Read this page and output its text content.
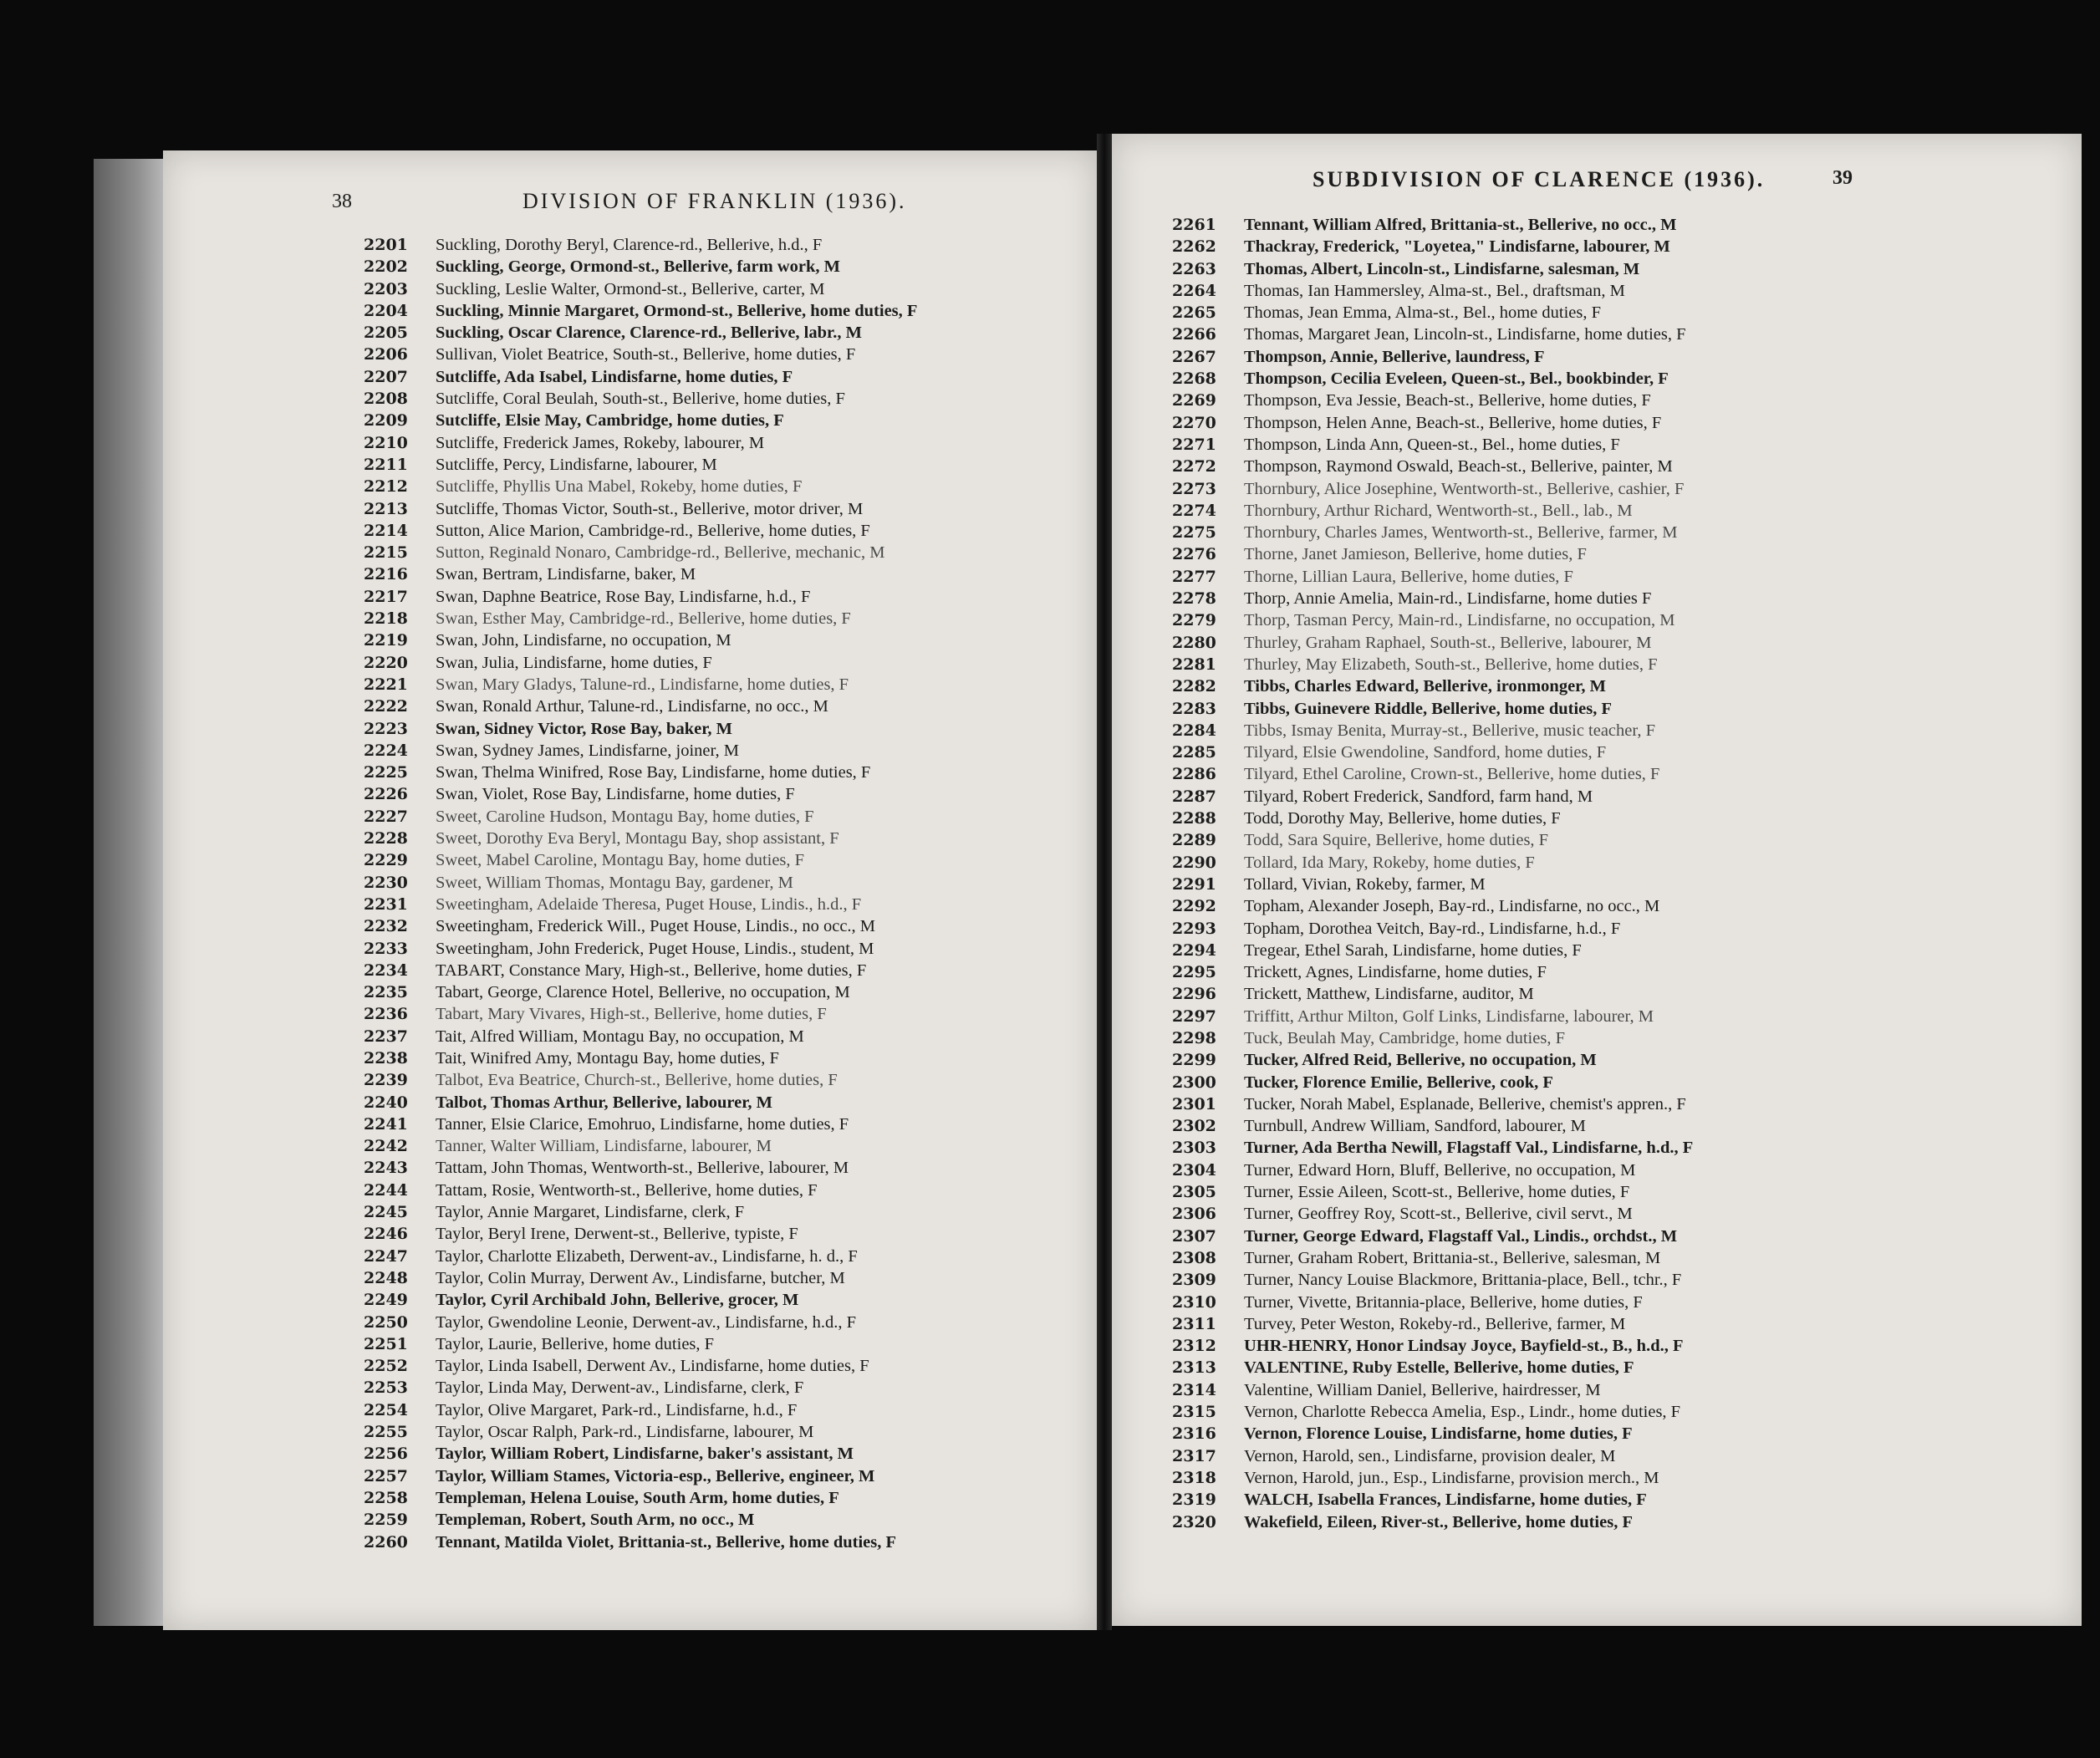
38	DIVISION OF FRANKLIN (1936).
2201 Suckling, Dorothy Beryl, Clarence-rd., Bellerive, h.d., F
2202 Suckling, George, Ormond-st., Bellerive, farm work, M
2203 Suckling, Leslie Walter, Ormond-st., Bellerive, carter, M
2204 Suckling, Minnie Margaret, Ormond-st., Bellerive, home duties, F
2205 Suckling, Oscar Clarence, Clarence-rd., Bellerive, labr., M
2206 Sullivan, Violet Beatrice, South-st., Bellerive, home duties, F
2207 Sutcliffe, Ada Isabel, Lindisfarne, home duties, F
2208 Sutcliffe, Coral Beulah, South-st., Bellerive, home duties, F
2209 Sutcliffe, Elsie May, Cambridge, home duties, F
2210 Sutcliffe, Frederick James, Rokeby, labourer, M
2211 Sutcliffe, Percy, Lindisfarne, labourer, M
2212 Sutcliffe, Phyllis Una Mabel, Rokeby, home duties, F
2213 Sutcliffe, Thomas Victor, South-st., Bellerive, motor driver, M
2214 Sutton, Alice Marion, Cambridge-rd., Bellerive, home duties, F
2215 Sutton, Reginald Nonaro, Cambridge-rd., Bellerive, mechanic, M
2216 Swan, Bertram, Lindisfarne, baker, M
2217 Swan, Daphne Beatrice, Rose Bay, Lindisfarne, h.d., F
2218 Swan, Esther May, Cambridge-rd., Bellerive, home duties, F
2219 Swan, John, Lindisfarne, no occupation, M
2220 Swan, Julia, Lindisfarne, home duties, F
2221 Swan, Mary Gladys, Talune-rd., Lindisfarne, home duties, F
2222 Swan, Ronald Arthur, Talune-rd., Lindisfarne, no occ., M
2223 Swan, Sidney Victor, Rose Bay, baker, M
2224 Swan, Sydney James, Lindisfarne, joiner, M
2225 Swan, Thelma Winifred, Rose Bay, Lindisfarne, home duties, F
2226 Swan, Violet, Rose Bay, Lindisfarne, home duties, F
2227 Sweet, Caroline Hudson, Montagu Bay, home duties, F
2228 Sweet, Dorothy Eva Beryl, Montagu Bay, shop assistant, F
2229 Sweet, Mabel Caroline, Montagu Bay, home duties, F
2230 Sweet, William Thomas, Montagu Bay, gardener, M
2231 Sweetingham, Adelaide Theresa, Puget House, Lindis., h.d., F
2232 Sweetingham, Frederick Will., Puget House, Lindis., no occ., M
2233 Sweetingham, John Frederick, Puget House, Lindis., student, M
2234 TABART, Constance Mary, High-st., Bellerive, home duties, F
2235 Tabart, George, Clarence Hotel, Bellerive, no occupation, M
2236 Tabart, Mary Vivares, High-st., Bellerive, home duties, F
2237 Tait, Alfred William, Montagu Bay, no occupation, M
2238 Tait, Winifred Amy, Montagu Bay, home duties, F
2239 Talbot, Eva Beatrice, Church-st., Bellerive, home duties, F
2240 Talbot, Thomas Arthur, Bellerive, labourer, M
2241 Tanner, Elsie Clarice, Emohruo, Lindisfarne, home duties, F
2242 Tanner, Walter William, Lindisfarne, labourer, M
2243 Tattam, John Thomas, Wentworth-st., Bellerive, labourer, M
2244 Tattam, Rosie, Wentworth-st., Bellerive, home duties, F
2245 Taylor, Annie Margaret, Lindisfarne, clerk, F
2246 Taylor, Beryl Irene, Derwent-st., Bellerive, typiste, F
2247 Taylor, Charlotte Elizabeth, Derwent-av., Lindisfarne, h. d., F
2248 Taylor, Colin Murray, Derwent Av., Lindisfarne, butcher, M
2249 Taylor, Cyril Archibald John, Bellerive, grocer, M
2250 Taylor, Gwendoline Leonie, Derwent-av., Lindisfarne, h.d., F
2251 Taylor, Laurie, Bellerive, home duties, F
2252 Taylor, Linda Isabell, Derwent Av., Lindisfarne, home duties, F
2253 Taylor, Linda May, Derwent-av., Lindisfarne, clerk, F
2254 Taylor, Olive Margaret, Park-rd., Lindisfarne, h.d., F
2255 Taylor, Oscar Ralph, Park-rd., Lindisfarne, labourer, M
2256 Taylor, William Robert, Lindisfarne, baker's assistant, M
2257 Taylor, William Stames, Victoria-esp., Bellerive, engineer, M
2258 Templeman, Helena Louise, South Arm, home duties, F
2259 Templeman, Robert, South Arm, no occ., M
2260 Tennant, Matilda Violet, Brittania-st., Bellerive, home duties, F
SUBDIVISION OF CLARENCE (1936).	39
2261 Tennant, William Alfred, Brittania-st., Bellerive, no occ., M
2262 Thackray, Frederick, "Loyetea," Lindisfarne, labourer, M
2263 Thomas, Albert, Lincoln-st., Lindisfarne, salesman, M
2264 Thomas, Ian Hammersley, Alma-st., Bel., draftsman, M
2265 Thomas, Jean Emma, Alma-st., Bel., home duties, F
2266 Thomas, Margaret Jean, Lincoln-st., Lindisfarne, home duties, F
2267 Thompson, Annie, Bellerive, laundress, F
2268 Thompson, Cecilia Eveleen, Queen-st., Bel., bookbinder, F
2269 Thompson, Eva Jessie, Beach-st., Bellerive, home duties, F
2270 Thompson, Helen Anne, Beach-st., Bellerive, home duties, F
2271 Thompson, Linda Ann, Queen-st., Bel., home duties, F
2272 Thompson, Raymond Oswald, Beach-st., Bellerive, painter, M
2273 Thornbury, Alice Josephine, Wentworth-st., Bellerive, cashier, F
2274 Thornbury, Arthur Richard, Wentworth-st., Bell., lab., M
2275 Thornbury, Charles James, Wentworth-st., Bellerive, farmer, M
2276 Thorne, Janet Jamieson, Bellerive, home duties, F
2277 Thorne, Lillian Laura, Bellerive, home duties, F
2278 Thorp, Annie Amelia, Main-rd., Lindisfarne, home duties F
2279 Thorp, Tasman Percy, Main-rd., Lindisfarne, no occupation, M
2280 Thurley, Graham Raphael, South-st., Bellerive, labourer, M
2281 Thurley, May Elizabeth, South-st., Bellerive, home duties, F
2282 Tibbs, Charles Edward, Bellerive, ironmonger, M
2283 Tibbs, Guinevere Riddle, Bellerive, home duties, F
2284 Tibbs, Ismay Benita, Murray-st., Bellerive, music teacher, F
2285 Tilyard, Elsie Gwendoline, Sandford, home duties, F
2286 Tilyard, Ethel Caroline, Crown-st., Bellerive, home duties, F
2287 Tilyard, Robert Frederick, Sandford, farm hand, M
2288 Todd, Dorothy May, Bellerive, home duties, F
2289 Todd, Sara Squire, Bellerive, home duties, F
2290 Tollard, Ida Mary, Rokeby, home duties, F
2291 Tollard, Vivian, Rokeby, farmer, M
2292 Topham, Alexander Joseph, Bay-rd., Lindisfarne, no occ., M
2293 Topham, Dorothea Veitch, Bay-rd., Lindisfarne, h.d., F
2294 Tregear, Ethel Sarah, Lindisfarne, home duties, F
2295 Trickett, Agnes, Lindisfarne, home duties, F
2296 Trickett, Matthew, Lindisfarne, auditor, M
2297 Triffitt, Arthur Milton, Golf Links, Lindisfarne, labourer, M
2298 Tuck, Beulah May, Cambridge, home duties, F
2299 Tucker, Alfred Reid, Bellerive, no occupation, M
2300 Tucker, Florence Emilie, Bellerive, cook, F
2301 Tucker, Norah Mabel, Esplanade, Bellerive, chemist's appren., F
2302 Turnbull, Andrew William, Sandford, labourer, M
2303 Turner, Ada Bertha Newill, Flagstaff Val., Lindisfarne, h.d., F
2304 Turner, Edward Horn, Bluff, Bellerive, no occupation, M
2305 Turner, Essie Aileen, Scott-st., Bellerive, home duties, F
2306 Turner, Geoffrey Roy, Scott-st., Bellerive, civil servt., M
2307 Turner, George Edward, Flagstaff Val., Lindis., orchdst., M
2308 Turner, Graham Robert, Brittania-st., Bellerive, salesman, M
2309 Turner, Nancy Louise Blackmore, Brittania-place, Bell., tchr., F
2310 Turner, Vivette, Britannia-place, Bellerive, home duties, F
2311 Turvey, Peter Weston, Rokeby-rd., Bellerive, farmer, M
2312 UHR-HENRY, Honor Lindsay Joyce, Bayfield-st., B., h.d., F
2313 VALENTINE, Ruby Estelle, Bellerive, home duties, F
2314 Valentine, William Daniel, Bellerive, hairdresser, M
2315 Vernon, Charlotte Rebecca Amelia, Esp., Lindr., home duties, F
2316 Vernon, Florence Louise, Lindisfarne, home duties, F
2317 Vernon, Harold, sen., Lindisfarne, provision dealer, M
2318 Vernon, Harold, jun., Esp., Lindisfarne, provision merch., M
2319 WALCH, Isabella Frances, Lindisfarne, home duties, F
2320 Wakefield, Eileen, River-st., Bellerive, home duties, F
